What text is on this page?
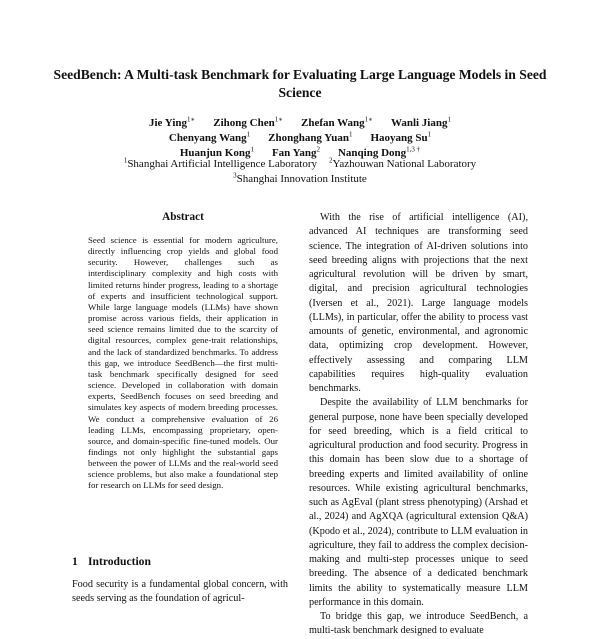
SeedBench: A Multi-task Benchmark for Evaluating Large Language Models in Seed Science
Jie Ying$^{1∗}$ Zihong Chen$^{1∗}$ Zhefan Wang$^{1∗}$ Wanli Jiang$^1$
Chenyang Wang$^1$ Zhonghang Yuan$^1$ Haoyang Su$^1$
Huanjun Kong$^1$ Fan Yang$^2$ Nanqing Dong$^{1,3 \dagger}$
$^1$Shanghai Artificial Intelligence Laboratory $^2$Yazhouwan National Laboratory
$^3$Shanghai Innovation Institute
Abstract

Seed science is essential for modern agriculture, directly influencing crop yields and global food security. However, challenges such as interdisciplinary complexity and high costs with limited returns hinder progress, leading to a shortage of experts and insufficient technological support. While large language models (LLMs) have shown promise across various fields, their application in seed science remains limited due to the scarcity of digital resources, complex gene-trait relationships, and the lack of standardized benchmarks. To address this gap, we introduce SeedBench—the first multi-task benchmark specifically designed for seed science. Developed in collaboration with domain experts, SeedBench focuses on seed breeding and simulates key aspects of modern breeding processes. We conduct a comprehensive evaluation of 26 leading LLMs, encompassing proprietary, open-source, and domain-specific fine-tuned models. Our findings not only highlight the substantial gaps between the power of LLMs and the real-world seed science problems, but also make a foundational step for research on LLMs for seed design.

1 Introduction

Food security is a fundamental global concern, with seeds serving as the foundation of agricul-

With the rise of artificial intelligence (AI), advanced AI techniques are transforming seed science. The integration of AI-driven solutions into seed breeding aligns with projections that the next agricultural revolution will be driven by smart, digital, and precision agricultural technologies (Iversen et al., 2021). Large language models (LLMs), in particular, offer the ability to process vast amounts of genetic, environmental, and agronomic data, optimizing crop development. However, effectively assessing and comparing LLM capabilities requires high-quality evaluation benchmarks.

Despite the availability of LLM benchmarks for general purpose, none have been specially developed for seed breeding, which is a field critical to agricultural production and food security. Progress in this domain has been slow due to a shortage of breeding experts and limited availability of online resources. While existing agricultural benchmarks, such as AgEval (plant stress phenotyping) (Arshad et al., 2024) and AgXQA (agricultural extension Q&A) (Kpodo et al., 2024), contribute to LLM evaluation in agriculture, they fail to address the complex decision-making and multi-step processes unique to seed breeding. The absence of a dedicated benchmark limits the ability to systematically measure LLM performance in this domain.

To bridge this gap, we introduce SeedBench, a multi-task benchmark designed to evaluate
